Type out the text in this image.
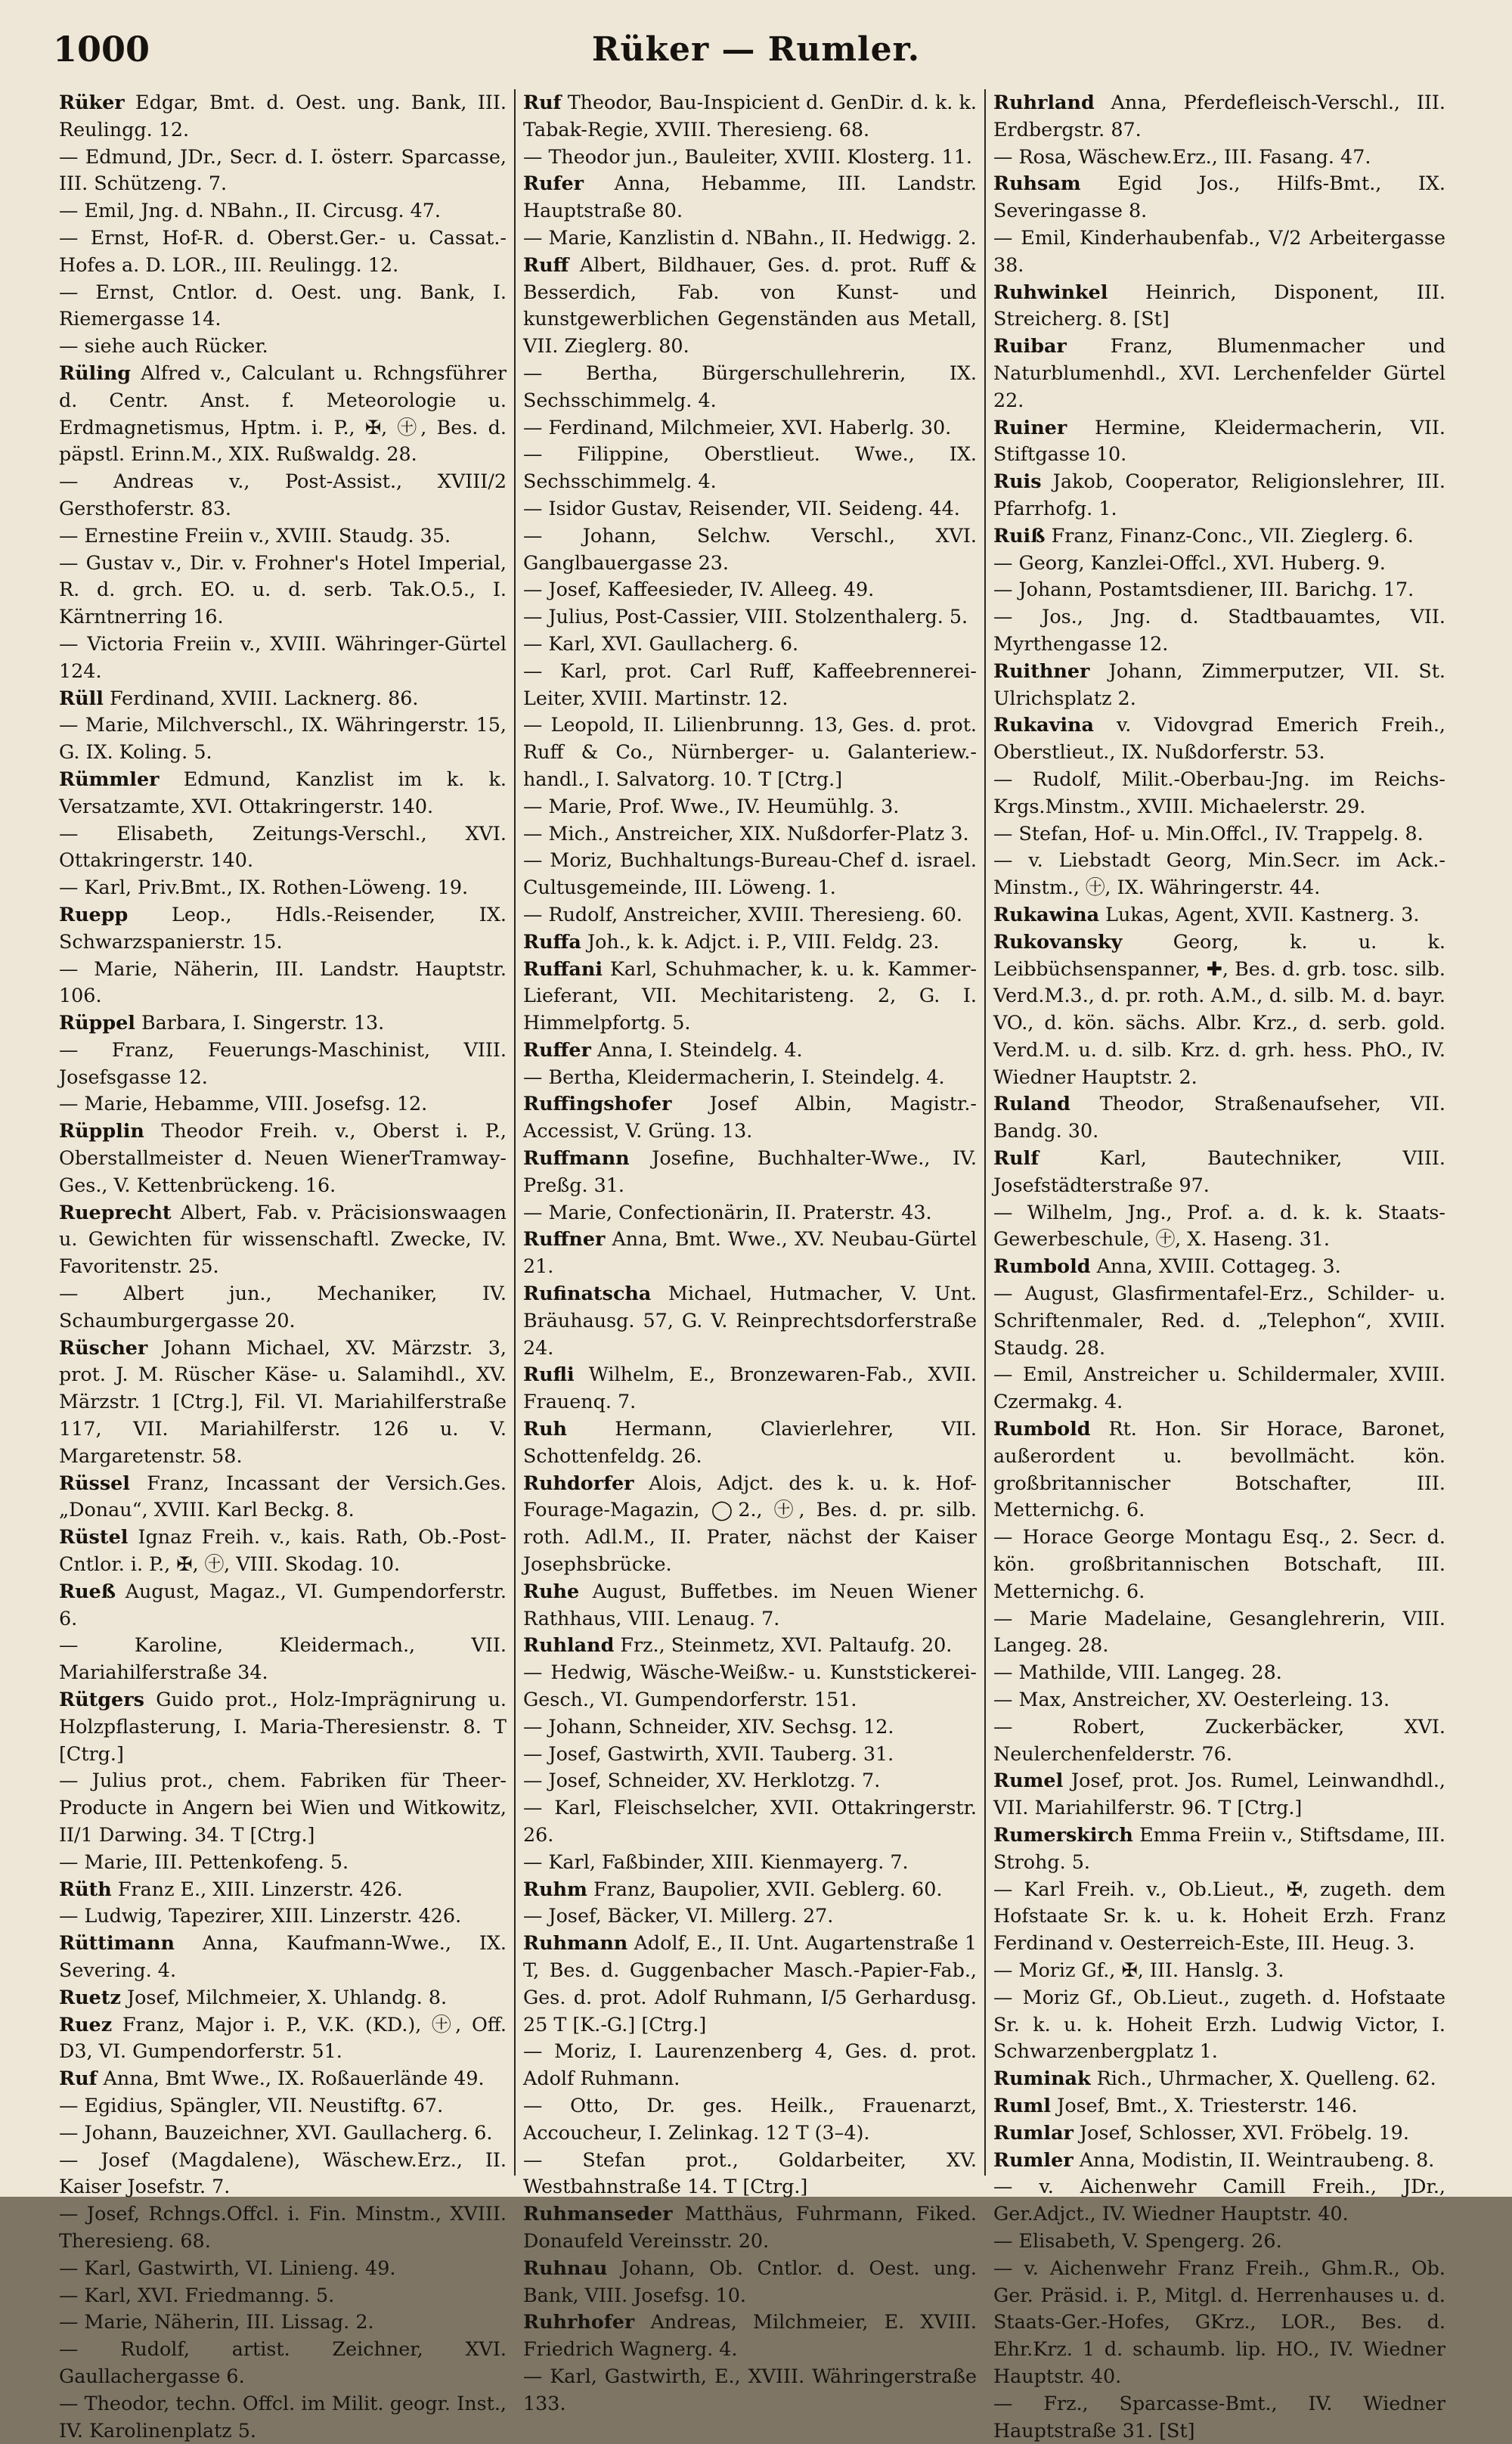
1000	Rüker — Rumler.
Rüker Edgar, Bmt. d. Oest. ung. Bank, III. Reulingg. 12.
— Edmund, JDr., Secr. d. I. österr. Sparcasse, III. Schützeng. 7.
— Emil, Jng. d. NBahn., II. Circusg. 47.
— Ernst, Hof-R. d. Oberst.Ger.- u. Cassat.-Hofes a. D. LOR., III. Reulingg. 12.
— Ernst, Cntlor. d. Oest. ung. Bank, I. Riemergasse 14.
— siehe auch Rücker.
Rüling Alfred v., Calculant u. Rchngsführer d. Centr. Anst. f. Meteorologie u. Erdmagnetismus, Hptm. i. P., ✠, ㊉, Bes. d. päpstl. Erinn.M., XIX. Rußwaldg. 28.
— Andreas v., Post-Assist., XVIII/2 Gersthoferstr. 83.
— Ernestine Freiin v., XVIII. Staudg. 35.
— Gustav v., Dir. v. Frohner's Hotel Imperial, R. d. grch. EO. u. d. serb. Tak.O.5., I. Kärntnerring 16.
— Victoria Freiin v., XVIII. Währinger-Gürtel 124.
Rüll Ferdinand, XVIII. Lacknerg. 86.
— Marie, Milchverschl., IX. Währingerstr. 15, G. IX. Koling. 5.
Rümmler Edmund, Kanzlist im k. k. Versatzamte, XVI. Ottakringerstr. 140.
— Elisabeth, Zeitungs-Verschl., XVI. Ottakringerstr. 140.
— Karl, Priv.Bmt., IX. Rothen-Löweng. 19.
Ruepp Leop., Hdls.-Reisender, IX. Schwarzspanierstr. 15.
— Marie, Näherin, III. Landstr. Hauptstr. 106.
Rüppel Barbara, I. Singerstr. 13.
— Franz, Feuerungs-Maschinist, VIII. Josefsgasse 12.
— Marie, Hebamme, VIII. Josefsg. 12.
Rüpplin Theodor Freih. v., Oberst i. P., Oberstallmeister d. Neuen WienerTramway-Ges., V. Kettenbrückeng. 16.
Rueprecht Albert, Fab. v. Präcisionswaagen u. Gewichten für wissenschaftl. Zwecke, IV. Favoritenstr. 25.
— Albert jun., Mechaniker, IV. Schaumburgergasse 20.
Rüscher Johann Michael, XV. Märzstr. 3, prot. J. M. Rüscher Käse- u. Salamihdl., XV. Märzstr. 1 [Ctrg.], Fil. VI. Mariahilferstraße 117, VII. Mariahilferstr. 126 u. V. Margaretenstr. 58.
Rüssel Franz, Incassant der Versich.Ges. „Donau“, XVIII. Karl Beckg. 8.
Rüstel Ignaz Freih. v., kais. Rath, Ob.-Post-Cntlor. i. P., ✠, ㊉, VIII. Skodag. 10.
Rueß August, Magaz., VI. Gumpendorferstr. 6.
— Karoline, Kleidermach., VII. Mariahilferstraße 34.
Rütgers Guido prot., Holz-Imprägnirung u. Holzpflasterung, I. Maria-Theresienstr. 8. T [Ctrg.]
— Julius prot., chem. Fabriken für Theer-Producte in Angern bei Wien und Witkowitz, II/1 Darwing. 34. T [Ctrg.]
— Marie, III. Pettenkofeng. 5.
Rüth Franz E., XIII. Linzerstr. 426.
— Ludwig, Tapezirer, XIII. Linzerstr. 426.
Rüttimann Anna, Kaufmann-Wwe., IX. Severing. 4.
Ruetz Josef, Milchmeier, X. Uhlandg. 8.
Ruez Franz, Major i. P., V.K. (KD.), ㊉, Off. D3, VI. Gumpendorferstr. 51.
Ruf Anna, Bmt Wwe., IX. Roßauerlände 49.
— Egidius, Spängler, VII. Neustiftg. 67.
— Johann, Bauzeichner, XVI. Gaullacherg. 6.
— Josef (Magdalene), Wäschew.Erz., II. Kaiser Josefstr. 7.
— Josef, Rchngs.Offcl. i. Fin. Minstm., XVIII. Theresieng. 68.
— Karl, Gastwirth, VI. Linieng. 49.
— Karl, XVI. Friedmanng. 5.
— Marie, Näherin, III. Lissag. 2.
— Rudolf, artist. Zeichner, XVI. Gaullachergasse 6.
— Theodor, techn. Offcl. im Milit. geogr. Inst., IV. Karolinenplatz 5.
Ruf Theodor, Bau-Inspicient d. GenDir. d. k. k. Tabak-Regie, XVIII. Theresieng. 68.
— Theodor jun., Bauleiter, XVIII. Klosterg. 11.
Rufer Anna, Hebamme, III. Landstr. Hauptstraße 80.
— Marie, Kanzlistin d. NBahn., II. Hedwigg. 2.
Ruff Albert, Bildhauer, Ges. d. prot. Ruff & Besserdich, Fab. von Kunst- und kunstgewerblichen Gegenständen aus Metall, VII. Zieglerg. 80.
— Bertha, Bürgerschullehrerin, IX. Sechsschimmelg. 4.
— Ferdinand, Milchmeier, XVI. Haberlg. 30.
— Filippine, Oberstlieut. Wwe., IX. Sechsschimmelg. 4.
— Isidor Gustav, Reisender, VII. Seideng. 44.
— Johann, Selchw. Verschl., XVI. Ganglbauergasse 23.
— Josef, Kaffeesieder, IV. Alleeg. 49.
— Julius, Post-Cassier, VIII. Stolzenthalerg. 5.
— Karl, XVI. Gaullacherg. 6.
— Karl, prot. Carl Ruff, Kaffeebrennerei-Leiter, XVIII. Martinstr. 12.
— Leopold, II. Lilienbrunng. 13, Ges. d. prot. Ruff & Co., Nürnberger- u. Galanteriew.-handl., I. Salvatorg. 10. T [Ctrg.]
— Marie, Prof. Wwe., IV. Heumühlg. 3.
— Mich., Anstreicher, XIX. Nußdorfer-Platz 3.
— Moriz, Buchhaltungs-Bureau-Chef d. israel. Cultusgemeinde, III. Löweng. 1.
— Rudolf, Anstreicher, XVIII. Theresieng. 60.
Ruffa Joh., k. k. Adjct. i. P., VIII. Feldg. 23.
Ruffani Karl, Schuhmacher, k. u. k. Kammer-Lieferant, VII. Mechitaristeng. 2, G. I. Himmelpfortg. 5.
Ruffer Anna, I. Steindelg. 4.
— Bertha, Kleidermacherin, I. Steindelg. 4.
Ruffingshofer Josef Albin, Magistr.-Accessist, V. Grüng. 13.
Ruffmann Josefine, Buchhalter-Wwe., IV. Preßg. 31.
— Marie, Confectionärin, II. Praterstr. 43.
Ruffner Anna, Bmt. Wwe., XV. Neubau-Gürtel 21.
Rufinatscha Michael, Hutmacher, V. Unt. Bräuhausg. 57, G. V. Reinprechtsdorferstraße 24.
Rufli Wilhelm, E., Bronzewaren-Fab., XVII. Frauenq. 7.
Ruh Hermann, Clavierlehrer, VII. Schottenfeldg. 26.
Ruhdorfer Alois, Adjct. des k. u. k. Hof-Fourage-Magazin, ◯2., ㊉, Bes. d. pr. silb. roth. Adl.M., II. Prater, nächst der Kaiser Josephsbrücke.
Ruhe August, Buffetbes. im Neuen Wiener Rathhaus, VIII. Lenaug. 7.
Ruhland Frz., Steinmetz, XVI. Paltaufg. 20.
— Hedwig, Wäsche-Weißw.- u. Kunststickerei-Gesch., VI. Gumpendorferstr. 151.
— Johann, Schneider, XIV. Sechsg. 12.
— Josef, Gastwirth, XVII. Tauberg. 31.
— Josef, Schneider, XV. Herklotzg. 7.
— Karl, Fleischselcher, XVII. Ottakringerstr. 26.
— Karl, Faßbinder, XIII. Kienmayerg. 7.
Ruhm Franz, Baupolier, XVII. Geblerg. 60.
— Josef, Bäcker, VI. Millerg. 27.
Ruhmann Adolf, E., II. Unt. Augartenstraße 1 T, Bes. d. Guggenbacher Masch.-Papier-Fab., Ges. d. prot. Adolf Ruhmann, I/5 Gerhardusg. 25 T [K.-G.] [Ctrg.]
— Moriz, I. Laurenzenberg 4, Ges. d. prot. Adolf Ruhmann.
— Otto, Dr. ges. Heilk., Frauenarzt, Accoucheur, I. Zelinkag. 12 T (3–4).
— Stefan prot., Goldarbeiter, XV. Westbahnstraße 14. T [Ctrg.]
Ruhmanseder Matthäus, Fuhrmann, Fiked. Donaufeld Vereinsstr. 20.
Ruhnau Johann, Ob. Cntlor. d. Oest. ung. Bank, VIII. Josefsg. 10.
Ruhrhofer Andreas, Milchmeier, E. XVIII. Friedrich Wagnerg. 4.
— Karl, Gastwirth, E., XVIII. Währingerstraße 133.
Ruhrland Anna, Pferdefleisch-Verschl., III. Erdbergstr. 87.
— Rosa, Wäschew.Erz., III. Fasang. 47.
Ruhsam Egid Jos., Hilfs-Bmt., IX. Severingasse 8.
— Emil, Kinderhaubenfab., V/2 Arbeitergasse 38.
Ruhwinkel Heinrich, Disponent, III. Streicherg. 8. [St]
Ruibar Franz, Blumenmacher und Naturblumenhdl., XVI. Lerchenfelder Gürtel 22.
Ruiner Hermine, Kleidermacherin, VII. Stiftgasse 10.
Ruis Jakob, Cooperator, Religionslehrer, III. Pfarrhofg. 1.
Ruiß Franz, Finanz-Conc., VII. Zieglerg. 6.
— Georg, Kanzlei-Offcl., XVI. Huberg. 9.
— Johann, Postamtsdiener, III. Barichg. 17.
— Jos., Jng. d. Stadtbauamtes, VII. Myrthengasse 12.
Ruithner Johann, Zimmerputzer, VII. St. Ulrichsplatz 2.
Rukavina v. Vidovgrad Emerich Freih., Oberstlieut., IX. Nußdorferstr. 53.
— Rudolf, Milit.-Oberbau-Jng. im Reichs-Krgs.Minstm., XVIII. Michaelerstr. 29.
— Stefan, Hof- u. Min.Offcl., IV. Trappelg. 8.
— v. Liebstadt Georg, Min.Secr. im Ack.-Minstm., ㊉, IX. Währingerstr. 44.
Rukawina Lukas, Agent, XVII. Kastnerg. 3.
Rukovansky	Georg, k. u. k. Leibbüchsenspanner, ✚, Bes. d. grb. tosc. silb. Verd.M.3., d. pr. roth. A.M., d. silb. M. d. bayr. VO., d. kön. sächs. Albr. Krz., d. serb. gold. Verd.M. u. d. silb. Krz. d. grh. hess. PhO., IV. Wiedner Hauptstr. 2.
Ruland Theodor, Straßenaufseher, VII. Bandg. 30.
Rulf	Karl, Bautechniker, VIII. Josefstädterstraße 97.
— Wilhelm, Jng., Prof. a. d. k. k. Staats-Gewerbeschule, ㊉, X. Haseng. 31.
Rumbold Anna, XVIII. Cottageg. 3.
— August, Glasfirmentafel-Erz., Schilder- u. Schriftenmaler, Red. d. „Telephon“, XVIII. Staudg. 28.
— Emil, Anstreicher u. Schildermaler, XVIII. Czermakg. 4.
Rumbold Rt. Hon. Sir Horace, Baronet, außerordent u. bevollmächt. kön. großbritannischer Botschafter, III. Metternichg. 6.
— Horace George Montagu Esq., 2. Secr. d. kön. großbritannischen Botschaft, III. Metternichg. 6.
— Marie Madelaine, Gesanglehrerin, VIII. Langeg. 28.
— Mathilde, VIII. Langeg. 28.
— Max, Anstreicher, XV. Oesterleing. 13.
— Robert, Zuckerbäcker, XVI. Neulerchenfelderstr. 76.
Rumel Josef, prot. Jos. Rumel, Leinwandhdl., VII. Mariahilferstr. 96. T [Ctrg.]
Rumerskirch Emma Freiin v., Stiftsdame, III. Strohg. 5.
— Karl Freih. v., Ob.Lieut., ✠, zugeth. dem Hofstaate Sr. k. u. k. Hoheit Erzh. Franz Ferdinand v. Oesterreich-Este, III. Heug. 3.
— Moriz Gf., ✠, III. Hanslg. 3.
— Moriz Gf., Ob.Lieut., zugeth. d. Hofstaate Sr. k. u. k. Hoheit Erzh. Ludwig Victor, I. Schwarzenbergplatz 1.
Ruminak Rich., Uhrmacher, X. Quelleng. 62.
Ruml Josef, Bmt., X. Triesterstr. 146.
Rumlar Josef, Schlosser, XVI. Fröbelg. 19.
Rumler Anna, Modistin, II. Weintraubeng. 8.
— v. Aichenwehr Camill Freih., JDr., Ger.Adjct., IV. Wiedner Hauptstr. 40.
— Elisabeth, V. Spengerg. 26.
— v. Aichenwehr Franz Freih., Ghm.R., Ob. Ger. Präsid. i. P., Mitgl. d. Herrenhauses u. d. Staats-Ger.-Hofes, GKrz., LOR., Bes. d. Ehr.Krz. 1 d. schaumb. lip. HO., IV. Wiedner Hauptstr. 40.
— Frz., Sparcasse-Bmt., IV. Wiedner Hauptstraße 31. [St]
